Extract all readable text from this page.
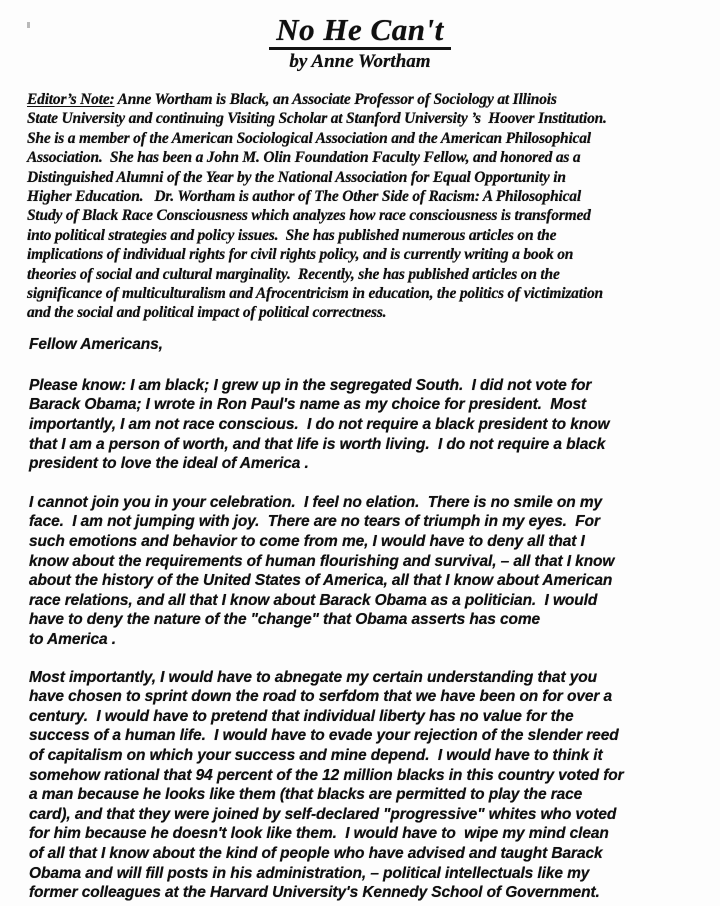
No He Can't
by Anne Wortham
Editor’s Note: Anne Wortham is Black, an Associate Professor of Sociology at Illinois
State University and continuing Visiting Scholar at Stanford University ’s  Hoover Institution.
She is a member of the American Sociological Association and the American Philosophical
Association.  She has been a John M. Olin Foundation Faculty Fellow, and honored as a
Distinguished Alumni of the Year by the National Association for Equal Opportunity in
Higher Education.   Dr. Wortham is author of The Other Side of Racism: A Philosophical
Study of Black Race Consciousness which analyzes how race consciousness is transformed
into political strategies and policy issues.  She has published numerous articles on the
implications of individual rights for civil rights policy, and is currently writing a book on
theories of social and cultural marginality.  Recently, she has published articles on the
significance of multiculturalism and Afrocentricism in education, the politics of victimization
and the social and political impact of political correctness.
Fellow Americans,
Please know: I am black; I grew up in the segregated South.  I did not vote for
Barack Obama; I wrote in Ron Paul's name as my choice for president.  Most
importantly, I am not race conscious.  I do not require a black president to know
that I am a person of worth, and that life is worth living.  I do not require a black
president to love the ideal of America .
I cannot join you in your celebration.  I feel no elation.  There is no smile on my
face.  I am not jumping with joy.  There are no tears of triumph in my eyes.  For
such emotions and behavior to come from me, I would have to deny all that I
know about the requirements of human flourishing and survival, – all that I know
about the history of the United States of America, all that I know about American
race relations, and all that I know about Barack Obama as a politician.  I would
have to deny the nature of the "change" that Obama asserts has come
to America .
Most importantly, I would have to abnegate my certain understanding that you
have chosen to sprint down the road to serfdom that we have been on for over a
century.  I would have to pretend that individual liberty has no value for the
success of a human life.  I would have to evade your rejection of the slender reed
of capitalism on which your success and mine depend.  I would have to think it
somehow rational that 94 percent of the 12 million blacks in this country voted for
a man because he looks like them (that blacks are permitted to play the race
card), and that they were joined by self-declared "progressive" whites who voted
for him because he doesn't look like them.  I would have to  wipe my mind clean
of all that I know about the kind of people who have advised and taught Barack
Obama and will fill posts in his administration, – political intellectuals like my
former colleagues at the Harvard University's Kennedy School of Government.
